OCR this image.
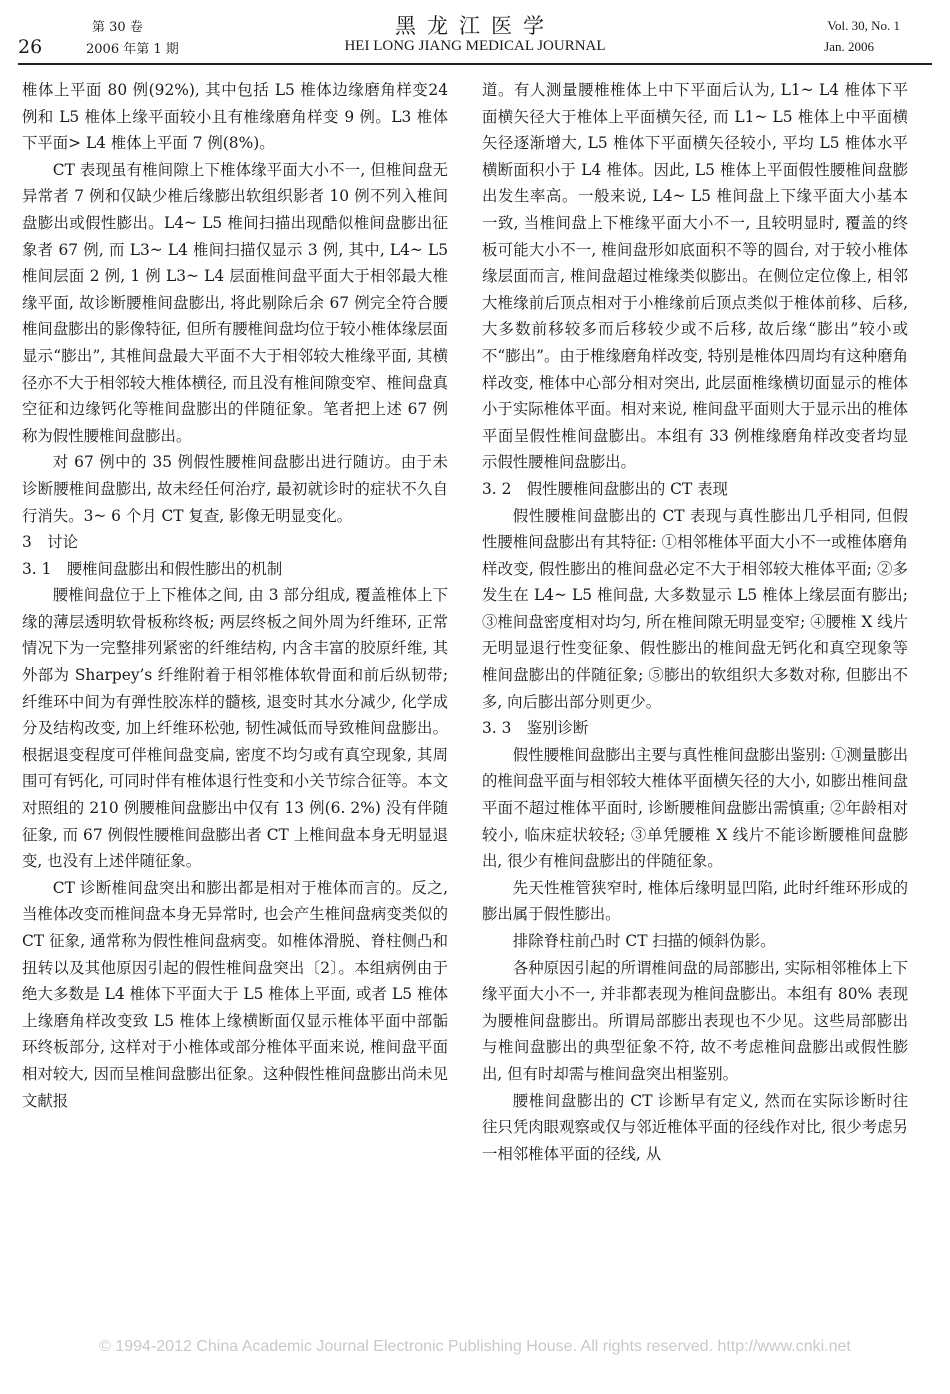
26
第 30 卷
2006 年第 1 期
黑龙江医学
HEI LONG JIANG MEDICAL JOURNAL
Vol. 30, No. 1
Jan. 2006

椎体上平面 80 例(92%), 其中包括 L5 椎体边缘磨角样变24 例和 L5 椎体上缘平面较小且有椎缘磨角样变 9 例。L3 椎体下平面> L4 椎体上平面 7 例(8%)。

CT 表现虽有椎间隙上下椎体缘平面大小不一, 但椎间盘无异常者 7 例和仅缺少椎后缘膨出软组织影者 10 例不列入椎间盘膨出或假性膨出。L4~ L5 椎间扫描出现酷似椎间盘膨出征象者 67 例, 而 L3~ L4 椎间扫描仅显示 3 例, 其中, L4~ L5 椎间层面 2 例, 1 例 L3~ L4 层面椎间盘平面大于相邻最大椎缘平面, 故诊断腰椎间盘膨出, 将此剔除后余 67 例完全符合腰椎间盘膨出的影像特征, 但所有腰椎间盘均位于较小椎体缘层面显示“膨出”, 其椎间盘最大平面不大于相邻较大椎缘平面, 其横径亦不大于相邻较大椎体横径, 而且没有椎间隙变窄、椎间盘真空征和边缘钙化等椎间盘膨出的伴随征象。笔者把上述 67 例称为假性腰椎间盘膨出。

对 67 例中的 35 例假性腰椎间盘膨出进行随访。由于未诊断腰椎间盘膨出, 故未经任何治疗, 最初就诊时的症状不久自行消失。3~ 6 个月 CT 复查, 影像无明显变化。

3　讨论

3. 1　腰椎间盘膨出和假性膨出的机制

腰椎间盘位于上下椎体之间, 由 3 部分组成, 覆盖椎体上下缘的薄层透明软骨板称终板; 两层终板之间外周为纤维环, 正常情况下为一完整排列紧密的纤维结构, 内含丰富的胶原纤维, 其外部为 Sharpey’s 纤维附着于相邻椎体软骨面和前后纵韧带; 纤维环中间为有弹性胶冻样的髓核, 退变时其水分减少, 化学成分及结构改变, 加上纤维环松弛, 韧性减低而导致椎间盘膨出。根据退变程度可伴椎间盘变扁, 密度不均匀或有真空现象, 其周围可有钙化, 可同时伴有椎体退行性变和小关节综合征等。本文对照组的 210 例腰椎间盘膨出中仅有 13 例(6. 2%) 没有伴随征象, 而 67 例假性腰椎间盘膨出者 CT 上椎间盘本身无明显退变, 也没有上述伴随征象。

CT 诊断椎间盘突出和膨出都是相对于椎体而言的。反之, 当椎体改变而椎间盘本身无异常时, 也会产生椎间盘病变类似的 CT 征象, 通常称为假性椎间盘病变。如椎体滑脱、脊柱侧凸和扭转以及其他原因引起的假性椎间盘突出〔2〕。本组病例由于绝大多数是 L4 椎体下平面大于 L5 椎体上平面, 或者 L5 椎体上缘磨角样改变致 L5 椎体上缘横断面仅显示椎体平面中部骺环终板部分, 这样对于小椎体或部分椎体平面来说, 椎间盘平面相对较大, 因而呈椎间盘膨出征象。这种假性椎间盘膨出尚未见文献报

道。有人测量腰椎椎体上中下平面后认为, L1~ L4 椎体下平面横矢径大于椎体上平面横矢径, 而 L1~ L5 椎体上中平面横矢径逐渐增大, L5 椎体下平面横矢径较小, 平均 L5 椎体水平横断面积小于 L4 椎体。因此, L5 椎体上平面假性腰椎间盘膨出发生率高。一般来说, L4~ L5 椎间盘上下缘平面大小基本一致, 当椎间盘上下椎缘平面大小不一, 且较明显时, 覆盖的终板可能大小不一, 椎间盘形如底面积不等的圆台, 对于较小椎体缘层面而言, 椎间盘超过椎缘类似膨出。在侧位定位像上, 相邻大椎缘前后顶点相对于小椎缘前后顶点类似于椎体前移、后移, 大多数前移较多而后移较少或不后移, 故后缘“膨出”较小或不“膨出”。由于椎缘磨角样改变, 特别是椎体四周均有这种磨角样改变, 椎体中心部分相对突出, 此层面椎缘横切面显示的椎体小于实际椎体平面。相对来说, 椎间盘平面则大于显示出的椎体平面呈假性椎间盘膨出。本组有 33 例椎缘磨角样改变者均显示假性腰椎间盘膨出。

3. 2　假性腰椎间盘膨出的 CT 表现

假性腰椎间盘膨出的 CT 表现与真性膨出几乎相同, 但假性腰椎间盘膨出有其特征: ①相邻椎体平面大小不一或椎体磨角样改变, 假性膨出的椎间盘必定不大于相邻较大椎体平面; ②多发生在 L4~ L5 椎间盘, 大多数显示 L5 椎体上缘层面有膨出; ③椎间盘密度相对均匀, 所在椎间隙无明显变窄; ④腰椎 X 线片无明显退行性变征象、假性膨出的椎间盘无钙化和真空现象等椎间盘膨出的伴随征象; ⑤膨出的软组织大多数对称, 但膨出不多, 向后膨出部分则更少。

3. 3　鉴别诊断

假性腰椎间盘膨出主要与真性椎间盘膨出鉴别: ①测量膨出的椎间盘平面与相邻较大椎体平面横矢径的大小, 如膨出椎间盘平面不超过椎体平面时, 诊断腰椎间盘膨出需慎重; ②年龄相对较小, 临床症状较轻; ③单凭腰椎 X 线片不能诊断腰椎间盘膨出, 很少有椎间盘膨出的伴随征象。

先天性椎管狭窄时, 椎体后缘明显凹陷, 此时纤维环形成的膨出属于假性膨出。

排除脊柱前凸时 CT 扫描的倾斜伪影。

各种原因引起的所谓椎间盘的局部膨出, 实际相邻椎体上下缘平面大小不一, 并非都表现为椎间盘膨出。本组有 80% 表现为腰椎间盘膨出。所谓局部膨出表现也不少见。这些局部膨出与椎间盘膨出的典型征象不符, 故不考虑椎间盘膨出或假性膨出, 但有时却需与椎间盘突出相鉴别。

腰椎间盘膨出的 CT 诊断早有定义, 然而在实际诊断时往往只凭肉眼观察或仅与邻近椎体平面的径线作对比, 很少考虑另一相邻椎体平面的径线, 从

© 1994-2012 China Academic Journal Electronic Publishing House. All rights reserved. http://www.cnki.net
